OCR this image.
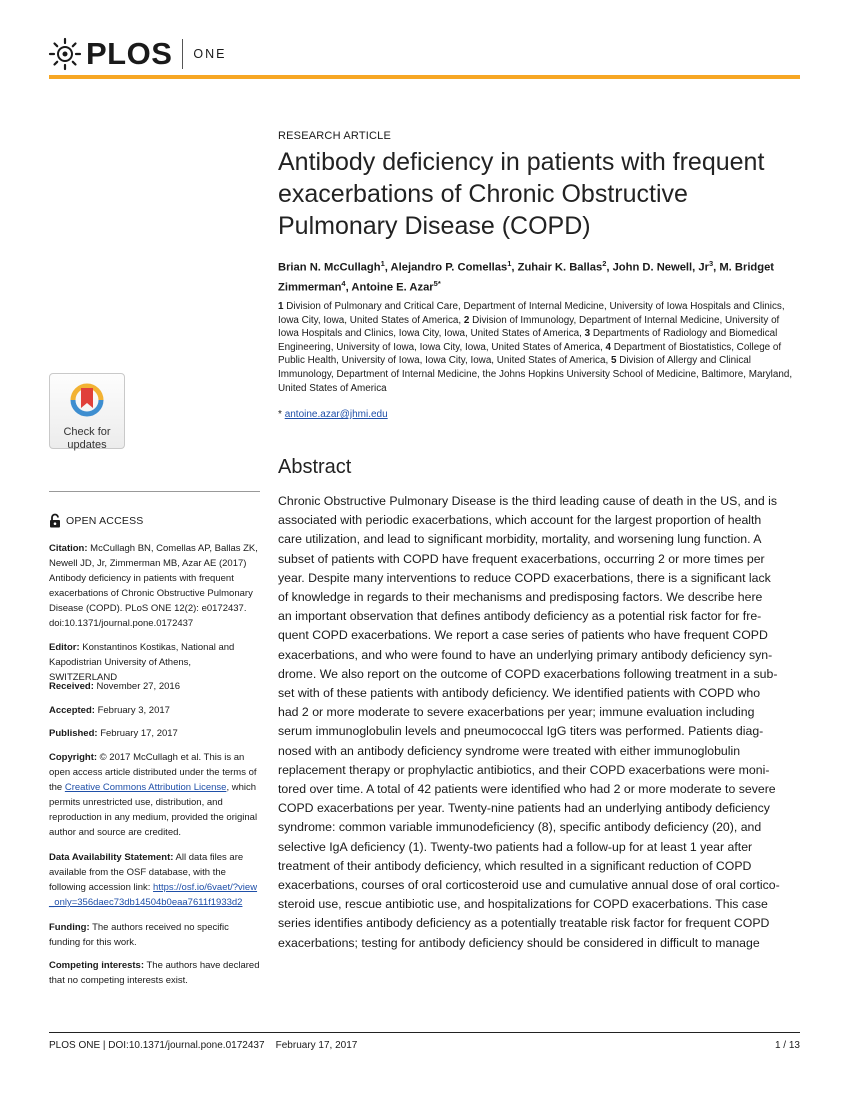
PLOS ONE
RESEARCH ARTICLE
Antibody deficiency in patients with frequent
exacerbations of Chronic Obstructive
Pulmonary Disease (COPD)
Brian N. McCullagh$^1$, Alejandro P. Comellas$^1$, Zuhair K. Ballas$^2$, John D. Newell, Jr$^3$, M. Bridget Zimmerman$^4$, Antoine E. Azar$^{5*}$
1 Division of Pulmonary and Critical Care, Department of Internal Medicine, University of Iowa Hospitals and Clinics, Iowa City, Iowa, United States of America, 2 Division of Immunology, Department of Internal Medicine, University of Iowa Hospitals and Clinics, Iowa City, Iowa, United States of America, 3 Departments of Radiology and Biomedical Engineering, University of Iowa, Iowa City, Iowa, United States of America, 4 Department of Biostatistics, College of Public Health, University of Iowa, Iowa City, Iowa, United States of America, 5 Division of Allergy and Clinical Immunology, Department of Internal Medicine, the Johns Hopkins University School of Medicine, Baltimore, Maryland, United States of America
* antoine.azar@jhmi.edu
Check for
updates
OPEN ACCESS
Citation: McCullagh BN, Comellas AP, Ballas ZK, Newell JD, Jr, Zimmerman MB, Azar AE (2017) Antibody deficiency in patients with frequent exacerbations of Chronic Obstructive Pulmonary Disease (COPD). PLoS ONE 12(2): e0172437. doi:10.1371/journal.pone.0172437
Editor: Konstantinos Kostikas, National and Kapodistrian University of Athens, SWITZERLAND
Received: November 27, 2016
Accepted: February 3, 2017
Published: February 17, 2017
Copyright: © 2017 McCullagh et al. This is an open access article distributed under the terms of the Creative Commons Attribution License, which permits unrestricted use, distribution, and reproduction in any medium, provided the original author and source are credited.
Data Availability Statement: All data files are available from the OSF database, with the following accession link: https://osf.io/6vaet/?view_only=356daec73db14504b0eaa7611f1933d2
Funding: The authors received no specific funding for this work.
Competing interests: The authors have declared that no competing interests exist.
Abstract
Chronic Obstructive Pulmonary Disease is the third leading cause of death in the US, and is
associated with periodic exacerbations, which account for the largest proportion of health
care utilization, and lead to significant morbidity, mortality, and worsening lung function. A
subset of patients with COPD have frequent exacerbations, occurring 2 or more times per
year. Despite many interventions to reduce COPD exacerbations, there is a significant lack
of knowledge in regards to their mechanisms and predisposing factors. We describe here
an important observation that defines antibody deficiency as a potential risk factor for fre-
quent COPD exacerbations. We report a case series of patients who have frequent COPD
exacerbations, and who were found to have an underlying primary antibody deficiency syn-
drome. We also report on the outcome of COPD exacerbations following treatment in a sub-
set with of these patients with antibody deficiency. We identified patients with COPD who
had 2 or more moderate to severe exacerbations per year; immune evaluation including
serum immunoglobulin levels and pneumococcal IgG titers was performed. Patients diag-
nosed with an antibody deficiency syndrome were treated with either immunoglobulin
replacement therapy or prophylactic antibiotics, and their COPD exacerbations were moni-
tored over time. A total of 42 patients were identified who had 2 or more moderate to severe
COPD exacerbations per year. Twenty-nine patients had an underlying antibody deficiency
syndrome: common variable immunodeficiency (8), specific antibody deficiency (20), and
selective IgA deficiency (1). Twenty-two patients had a follow-up for at least 1 year after
treatment of their antibody deficiency, which resulted in a significant reduction of COPD
exacerbations, courses of oral corticosteroid use and cumulative annual dose of oral cortico-
steroid use, rescue antibiotic use, and hospitalizations for COPD exacerbations. This case
series identifies antibody deficiency as a potentially treatable risk factor for frequent COPD
exacerbations; testing for antibody deficiency should be considered in difficult to manage
PLOS ONE | DOI:10.1371/journal.pone.0172437    February 17, 2017	1 / 13
